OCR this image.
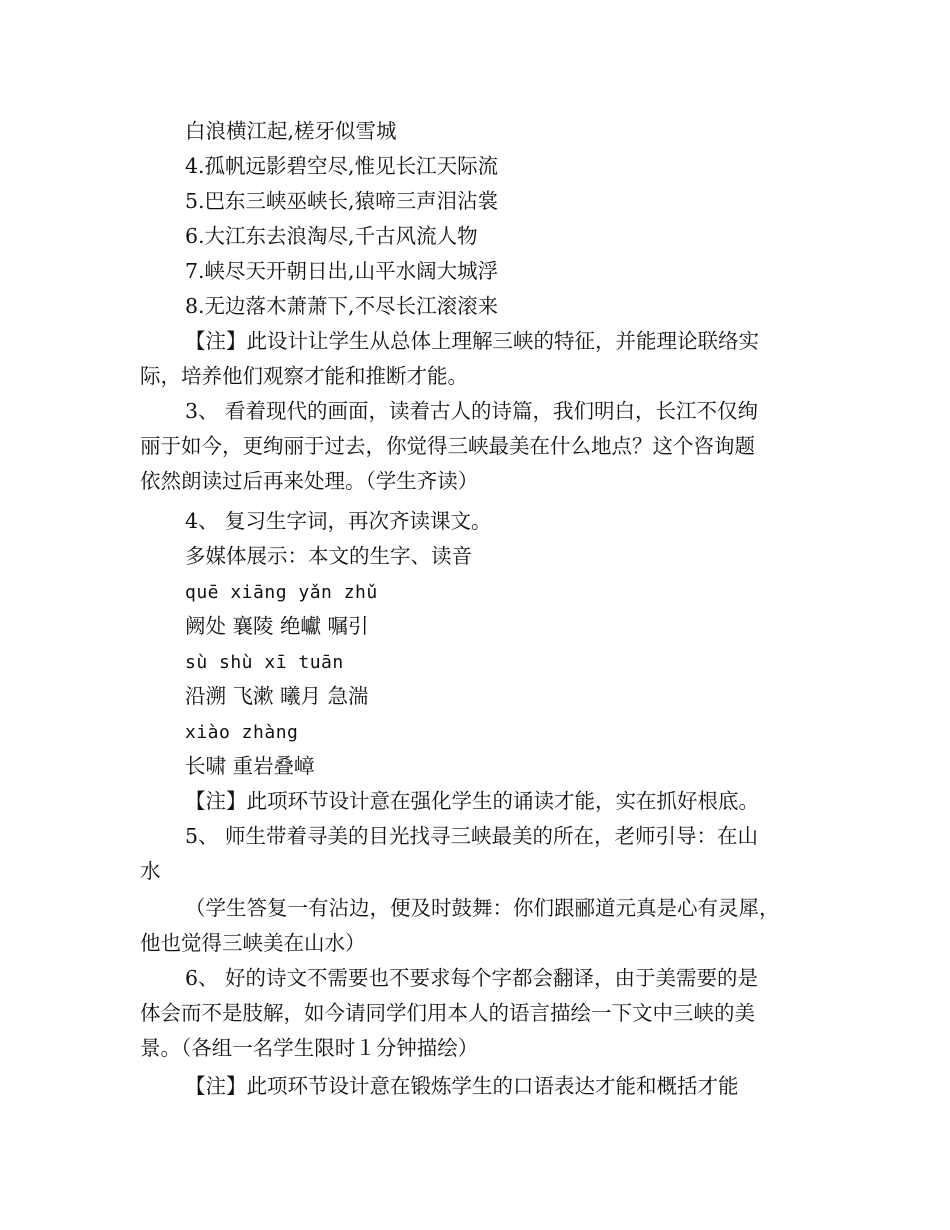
白浪横江起,槎牙似雪城
4.孤帆远影碧空尽,惟见长江天际流
5.巴东三峡巫峡长,猿啼三声泪沾裳
6.大江东去浪淘尽,千古风流人物
7.峡尽天开朝日出,山平水阔大城浮
8.无边落木萧萧下,不尽长江滚滚来
【注】此设计让学生从总体上理解三峡的特征，并能理论联络实
际，培养他们观察才能和推断才能。
3、 看着现代的画面，读着古人的诗篇，我们明白，长江不仅绚
丽于如今，更绚丽于过去，你觉得三峡最美在什么地点？这个咨询题
依然朗读过后再来处理。（学生齐读）
4、 复习生字词，再次齐读课文。
多媒体展示：本文的生字、读音
quē xiāng yǎn zhǔ
阙处 襄陵 绝巘 嘱引
sù shù xī tuān
沿溯 飞漱 曦月 急湍
xiào zhàng
长啸 重岩叠嶂
【注】此项环节设计意在强化学生的诵读才能，实在抓好根底。
5、 师生带着寻美的目光找寻三峡最美的所在，老师引导：在山
水
（学生答复一有沾边，便及时鼓舞：你们跟郦道元真是心有灵犀，
他也觉得三峡美在山水）
6、 好的诗文不需要也不要求每个字都会翻译，由于美需要的是
体会而不是肢解，如今请同学们用本人的语言描绘一下文中三峡的美
景。（各组一名学生限时１分钟描绘）
【注】此项环节设计意在锻炼学生的口语表达才能和概括才能
